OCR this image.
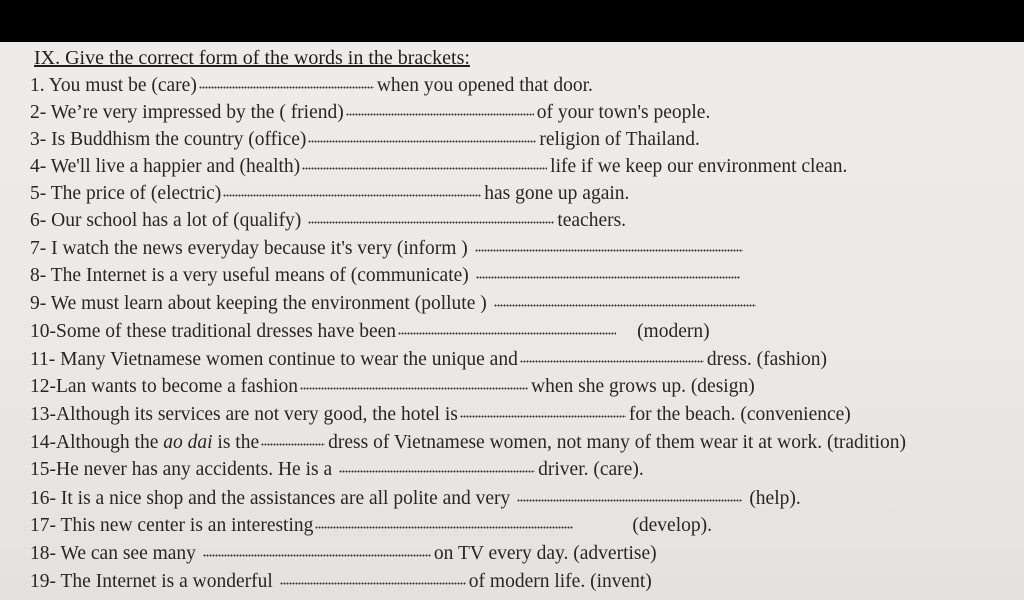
IX. Give the correct form of the words in the brackets:
1. You must be (care)	when you opened that door.
2- We’re very impressed by the ( friend)	of your town's people.
3- Is Buddhism the country (office)	religion of Thailand.
4- We'll live a happier and (health)	life if we keep our environment clean.
5- The price of (electric)	has gone up again.
6- Our school has a lot of (qualify)	teachers.
7- I watch the news everyday because it's very (inform )
8- The Internet is a very useful means of (communicate)
9- We must learn about keeping the environment (pollute )
10-Some of these traditional dresses have been	(modern)
11- Many Vietnamese women continue to wear the unique and	dress. (fashion)
12-Lan wants to become a fashion	when she grows up. (design)
13-Although its services are not very good, the hotel is	for the beach. (convenience)
14-Although the ao dai is the	dress of Vietnamese women, not many of them wear it at work. (tradition)
15-He never has any accidents. He is a	driver. (care).
16- It is a nice shop and the assistances are all polite and very	(help).
17- This new center is an interesting	(develop).
18- We can see many	on TV every day. (advertise)
19- The Internet is a wonderful	of modern life. (invent)
